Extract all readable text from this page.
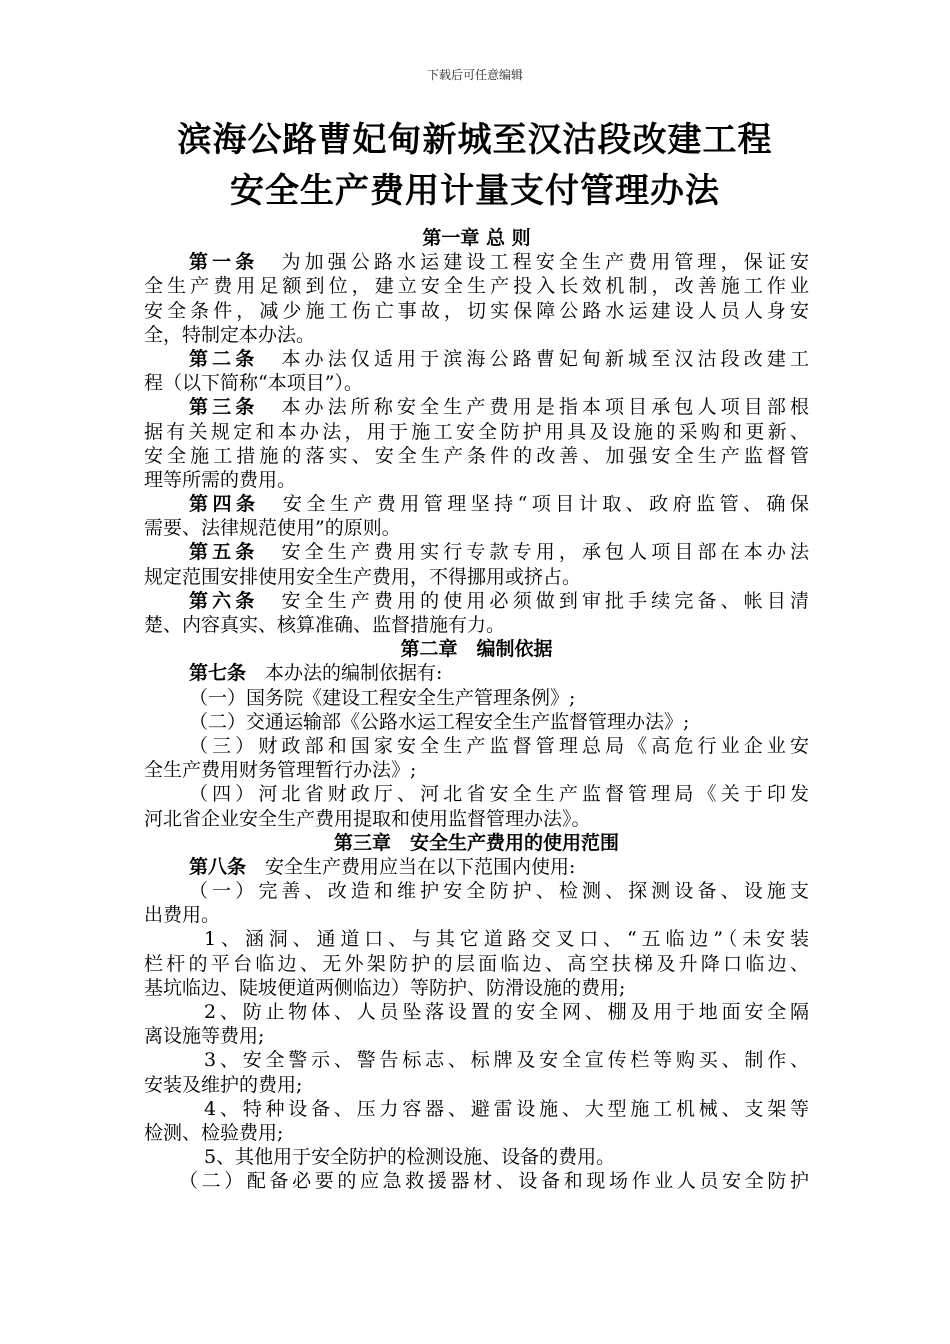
下载后可任意编辑
滨海公路曹妃甸新城至汉沽段改建工程
安全生产费用计量支付管理办法
第一章 总 则
第一条　为加强公路水运建设工程安全生产费用管理，保证安
全生产费用足额到位，建立安全生产投入长效机制，改善施工作业
安全条件，减少施工伤亡事故，切实保障公路水运建设人员人身安
全，特制定本办法。
第二条　本办法仅适用于滨海公路曹妃甸新城至汉沽段改建工
程（以下简称“本项目”）。
第三条　本办法所称安全生产费用是指本项目承包人项目部根
据有关规定和本办法，用于施工安全防护用具及设施的采购和更新、
安全施工措施的落实、安全生产条件的改善、加强安全生产监督管
理等所需的费用。
第四条　安全生产费用管理坚持“项目计取、政府监管、确保
需要、法律规范使用”的原则。
第五条　安全生产费用实行专款专用，承包人项目部在本办法
规定范围安排使用安全生产费用，不得挪用或挤占。
第六条　安全生产费用的使用必须做到审批手续完备、帐目清
楚、内容真实、核算准确、监督措施有力。
第二章　编制依据
第七条　本办法的编制依据有:
（一）国务院《建设工程安全生产管理条例》;
（二）交通运输部《公路水运工程安全生产监督管理办法》;
（三）财政部和国家安全生产监督管理总局《高危行业企业安
全生产费用财务管理暂行办法》;
（四）河北省财政厅、河北省安全生产监督管理局《关于印发
河北省企业安全生产费用提取和使用监督管理办法》。
第三章　安全生产费用的使用范围
第八条　安全生产费用应当在以下范围内使用:
（一）完善、改造和维护安全防护、检测、探测设备、设施支
出费用。
1、涵洞、通道口、与其它道路交叉口、“五临边”（未安装
栏杆的平台临边、无外架防护的层面临边、高空扶梯及升降口临边、
基坑临边、陡坡便道两侧临边）等防护、防滑设施的费用;
2、防止物体、人员坠落设置的安全网、棚及用于地面安全隔
离设施等费用;
3、安全警示、警告标志、标牌及安全宣传栏等购买、制作、
安装及维护的费用;
4、特种设备、压力容器、避雷设施、大型施工机械、支架等
检测、检验费用;
5、其他用于安全防护的检测设施、设备的费用。
（二）配备必要的应急救援器材、设备和现场作业人员安全防护
